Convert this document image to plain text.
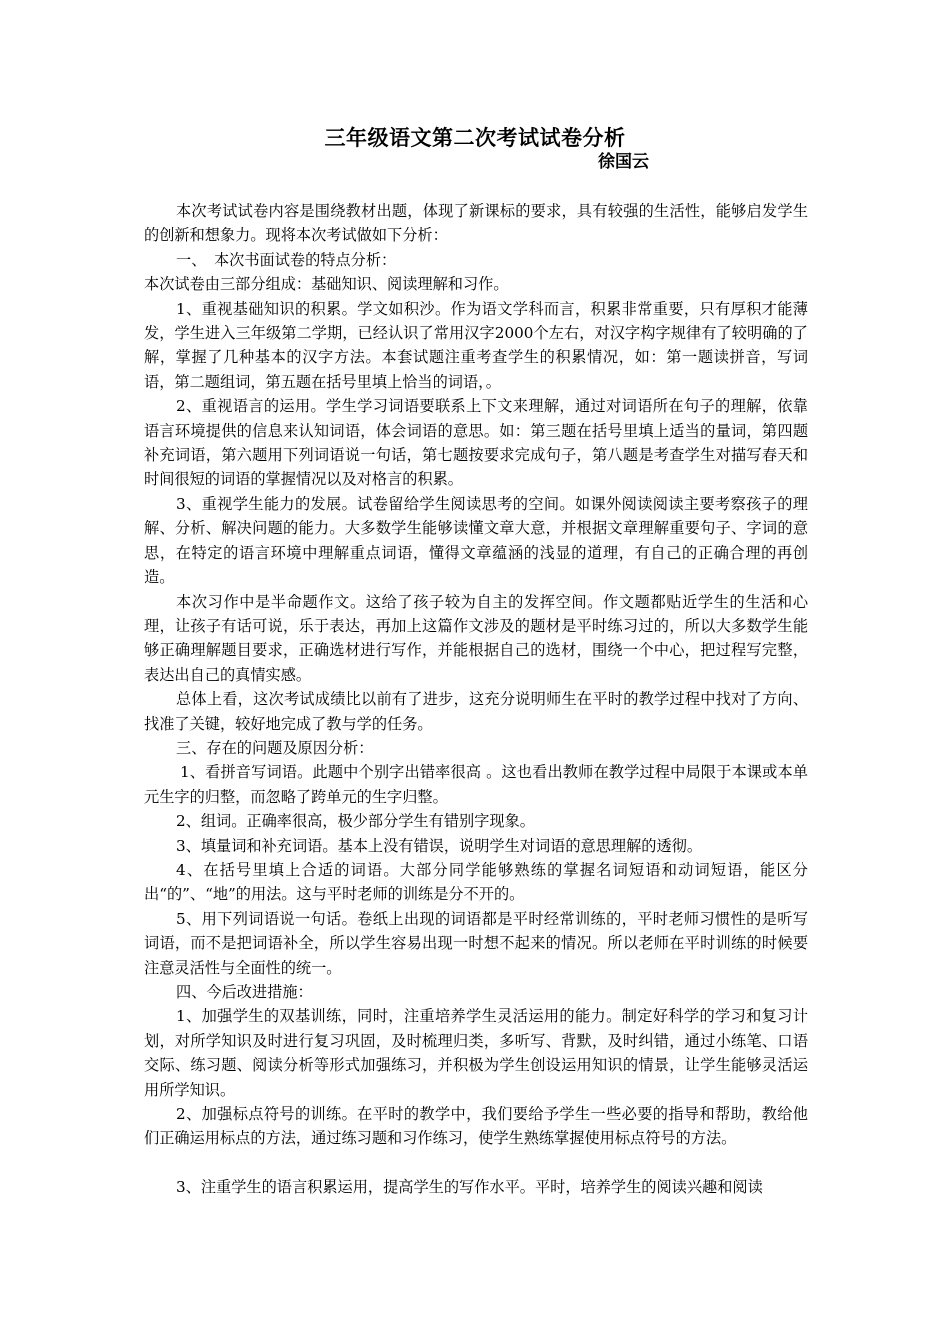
三年级语文第二次考试试卷分析
徐国云

本次考试试卷内容是围绕教材出题，体现了新课标的要求，具有较强的生活性，能够启发学生的创新和想象力。现将本次考试做如下分析：

一、　本次书面试卷的特点分析：

本次试卷由三部分组成：基础知识、阅读理解和习作。

1、重视基础知识的积累。学文如积沙。作为语文学科而言，积累非常重要，只有厚积才能薄发，学生进入三年级第二学期，已经认识了常用汉字2000个左右，对汉字构字规律有了较明确的了解，掌握了几种基本的汉字方法。本套试题注重考查学生的积累情况，如：第一题读拼音，写词语，第二题组词，第五题在括号里填上恰当的词语，。

2、重视语言的运用。学生学习词语要联系上下文来理解，通过对词语所在句子的理解，依靠语言环境提供的信息来认知词语，体会词语的意思。如：第三题在括号里填上适当的量词，第四题补充词语，第六题用下列词语说一句话，第七题按要求完成句子，第八题是考查学生对描写春天和时间很短的词语的掌握情况以及对格言的积累。

3、重视学生能力的发展。试卷留给学生阅读思考的空间。如课外阅读阅读主要考察孩子的理解、分析、解决问题的能力。大多数学生能够读懂文章大意，并根据文章理解重要句子、字词的意思，在特定的语言环境中理解重点词语，懂得文章蕴涵的浅显的道理，有自己的正确合理的再创造。

本次习作中是半命题作文。这给了孩子较为自主的发挥空间。作文题都贴近学生的生活和心理，让孩子有话可说，乐于表达，再加上这篇作文涉及的题材是平时练习过的，所以大多数学生能够正确理解题目要求，正确选材进行写作，并能根据自己的选材，围绕一个中心，把过程写完整，表达出自己的真情实感。

总体上看，这次考试成绩比以前有了进步，这充分说明师生在平时的教学过程中找对了方向、找准了关键，较好地完成了教与学的任务。

三、存在的问题及原因分析：

1、看拼音写词语。此题中个别字出错率很高 。这也看出教师在教学过程中局限于本课或本单元生字的归整，而忽略了跨单元的生字归整。

2、组词。正确率很高，极少部分学生有错别字现象。

3、填量词和补充词语。基本上没有错误，说明学生对词语的意思理解的透彻。

4、在括号里填上合适的词语。大部分同学能够熟练的掌握名词短语和动词短语，能区分出“的”、“地”的用法。这与平时老师的训练是分不开的。

5、用下列词语说一句话。卷纸上出现的词语都是平时经常训练的，平时老师习惯性的是听写词语，而不是把词语补全，所以学生容易出现一时想不起来的情况。所以老师在平时训练的时候要注意灵活性与全面性的统一。

四、今后改进措施：

1、加强学生的双基训练，同时，注重培养学生灵活运用的能力。制定好科学的学习和复习计划，对所学知识及时进行复习巩固，及时梳理归类，多听写、背默，及时纠错，通过小练笔、口语交际、练习题、阅读分析等形式加强练习，并积极为学生创设运用知识的情景，让学生能够灵活运用所学知识。

2、加强标点符号的训练。在平时的教学中，我们要给予学生一些必要的指导和帮助，教给他们正确运用标点的方法，通过练习题和习作练习，使学生熟练掌握使用标点符号的方法。

3、注重学生的语言积累运用，提高学生的写作水平。平时，培养学生的阅读兴趣和阅读
